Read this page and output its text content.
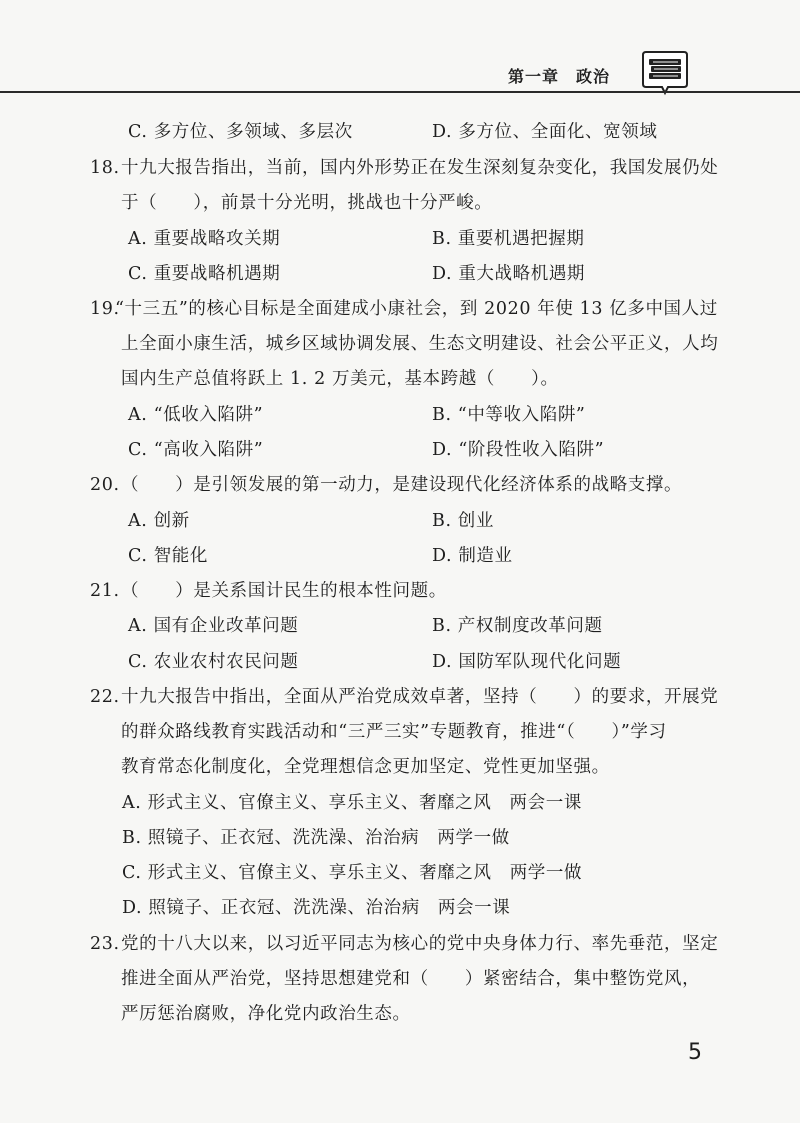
第一章　政治
C. 多方位、多领域、多层次	D. 多方位、全面化、宽领域
18. 十九大报告指出，当前，国内外形势正在发生深刻复杂变化，我国发展仍处
于（　　），前景十分光明，挑战也十分严峻。
A. 重要战略攻关期	B. 重要机遇把握期
C. 重要战略机遇期	D. 重大战略机遇期
19.
“十三五”的核心目标是全面建成小康社会，到 2020 年使 13 亿多中国人过
上全面小康生活，城乡区域协调发展、生态文明建设、社会公平正义，人均
国内生产总值将跃上 1. 2 万美元，基本跨越（　　）。
A. “低收入陷阱”	B. “中等收入陷阱”
C. “高收入陷阱”	D. “阶段性收入陷阱”
20. （　　）是引领发展的第一动力，是建设现代化经济体系的战略支撑。
A. 创新	B. 创业
C. 智能化	D. 制造业
21. （　　）是关系国计民生的根本性问题。
A. 国有企业改革问题	B. 产权制度改革问题
C. 农业农村农民问题	D. 国防军队现代化问题
22. 十九大报告中指出，全面从严治党成效卓著，坚持（　　）的要求，开展党
的群众路线教育实践活动和“三严三实”专题教育，推进“（　　）”学习
教育常态化制度化，全党理想信念更加坚定、党性更加坚强。
A. 形式主义、官僚主义、享乐主义、奢靡之风　两会一课
B. 照镜子、正衣冠、洗洗澡、治治病　两学一做
C. 形式主义、官僚主义、享乐主义、奢靡之风　两学一做
D. 照镜子、正衣冠、洗洗澡、治治病　两会一课
23. 党的十八大以来，以习近平同志为核心的党中央身体力行、率先垂范，坚定
推进全面从严治党，坚持思想建党和（　　）紧密结合，集中整饬党风，
严厉惩治腐败，净化党内政治生态。
5
